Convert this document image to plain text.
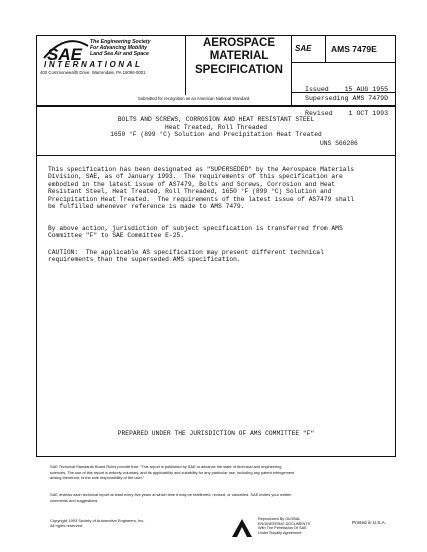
SAE
The Engineering Society
For Advancing Mobility
Land Sea Air and Space
INTERNATIONAL
400 Commonwealth Drive, Warrendale, PA 15096-0001
AEROSPACE
MATERIAL
SPECIFICATION
SAE AMS 7479E

Issued 15 AUG 1955

Revised 1 OCT 1993

Superseding AMS 7479D
Submitted for recognition as an American National Standard
BOLTS AND SCREWS, CORROSION AND HEAT RESISTANT STEEL
Heat Treated, Roll Threaded
1650 °F (899 °C) Solution and Precipitation Heat Treated
UNS S66286
This specification has been designated as "SUPERSEDED" by the Aerospace Materials
Division, SAE, as of January 1993.  The requirements of this specification are
embodied in the latest issue of AS7479, Bolts and Screws, Corrosion and Heat
Resistant Steel, Heat Treated, Roll Threaded, 1650 °F (899 °C) Solution and
Precipitation Heat Treated.  The requirements of the latest issue of AS7479 shall
be fulfilled whenever reference is made to AMS 7479.
By above action, jurisdiction of subject specification is transferred from AMS
Committee "F" to SAE Committee E-25.
CAUTION:  The applicable AS specification may present different technical
requirements than the superseded AMS specification.
PREPARED UNDER THE JURISDICTION OF AMS COMMITTEE "F"
SAE Technical Standards Board Rules provide that: "This report is published by SAE to advance the state of technical and engineering
sciences. The use of this report is entirely voluntary, and its applicability and suitability for any particular use, including any patent infringement
arising therefrom, is the sole responsibility of the user."
SAE reviews each technical report at least every five years at which time it may be reaffirmed, revised, or cancelled. SAE invites your written
comments and suggestions.
Copyright 1993 Society of Automotive Engineers, Inc.
All rights reserved.
Reproduced By GLOBAL
ENGINEERING DOCUMENTS
With The Permission Of SAE
Under Royalty Agreement
Printed in U.S.A.
